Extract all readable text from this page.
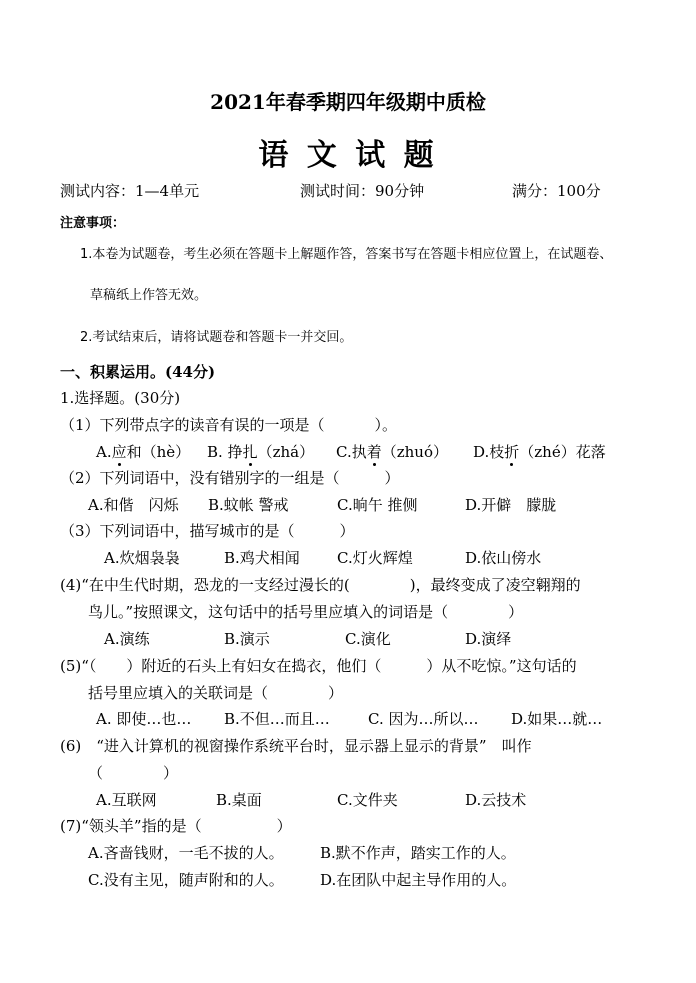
2021年春季期四年级期中质检
语 文 试 题
测试内容：1—4单元	测试时间：90分钟	满分：100分
注意事项：
1.本卷为试题卷，考生必须在答题卡上解题作答，答案书写在答题卡相应位置上，在试题卷、
草稿纸上作答无效。
2.考试结束后，请将试题卷和答题卡一并交回。
一、积累运用。(44分)
1.选择题。(30分)
（1）下列带点字的读音有误的一项是（	）。
A.应和（hè） B. 挣扎（zhá） C.执着（zhuó） D.枝折（zhé）花落
（2）下列词语中，没有错别字的一组是（　　　）
A.和偕　闪烁 B.蚊帐 警戒	C.晌午 推侧	D.开僻　朦胧
（3）下列词语中，描写城市的是（　　　）
A.炊烟袅袅	B.鸡犬相闻 C.灯火辉煌	D.依山傍水
(4)“在中生代时期，恐龙的一支经过漫长的(　　　　)，最终变成了凌空翱翔的
鸟儿。”按照课文，这句话中的括号里应填入的词语是（　　　　）
A.演练	B.演示	C.演化	D.演绎
(5)“（　　）附近的石头上有妇女在捣衣，他们（　　　）从不吃惊。”这句话的
括号里应填入的关联词是（　　　　）
A. 即使…也… B.不但…而且…	C. 因为…所以… D.如果…就…
(6)　“进入计算机的视窗操作系统平台时，显示器上显示的背景”　叫作
（　　　　）
A.互联网	B.桌面	C.文件夹	D.云技术
(7)“领头羊”指的是（　　　　　）
A.吝啬钱财，一毛不拔的人。 B.默不作声，踏实工作的人。
C.没有主见，随声附和的人。 D.在团队中起主导作用的人。
